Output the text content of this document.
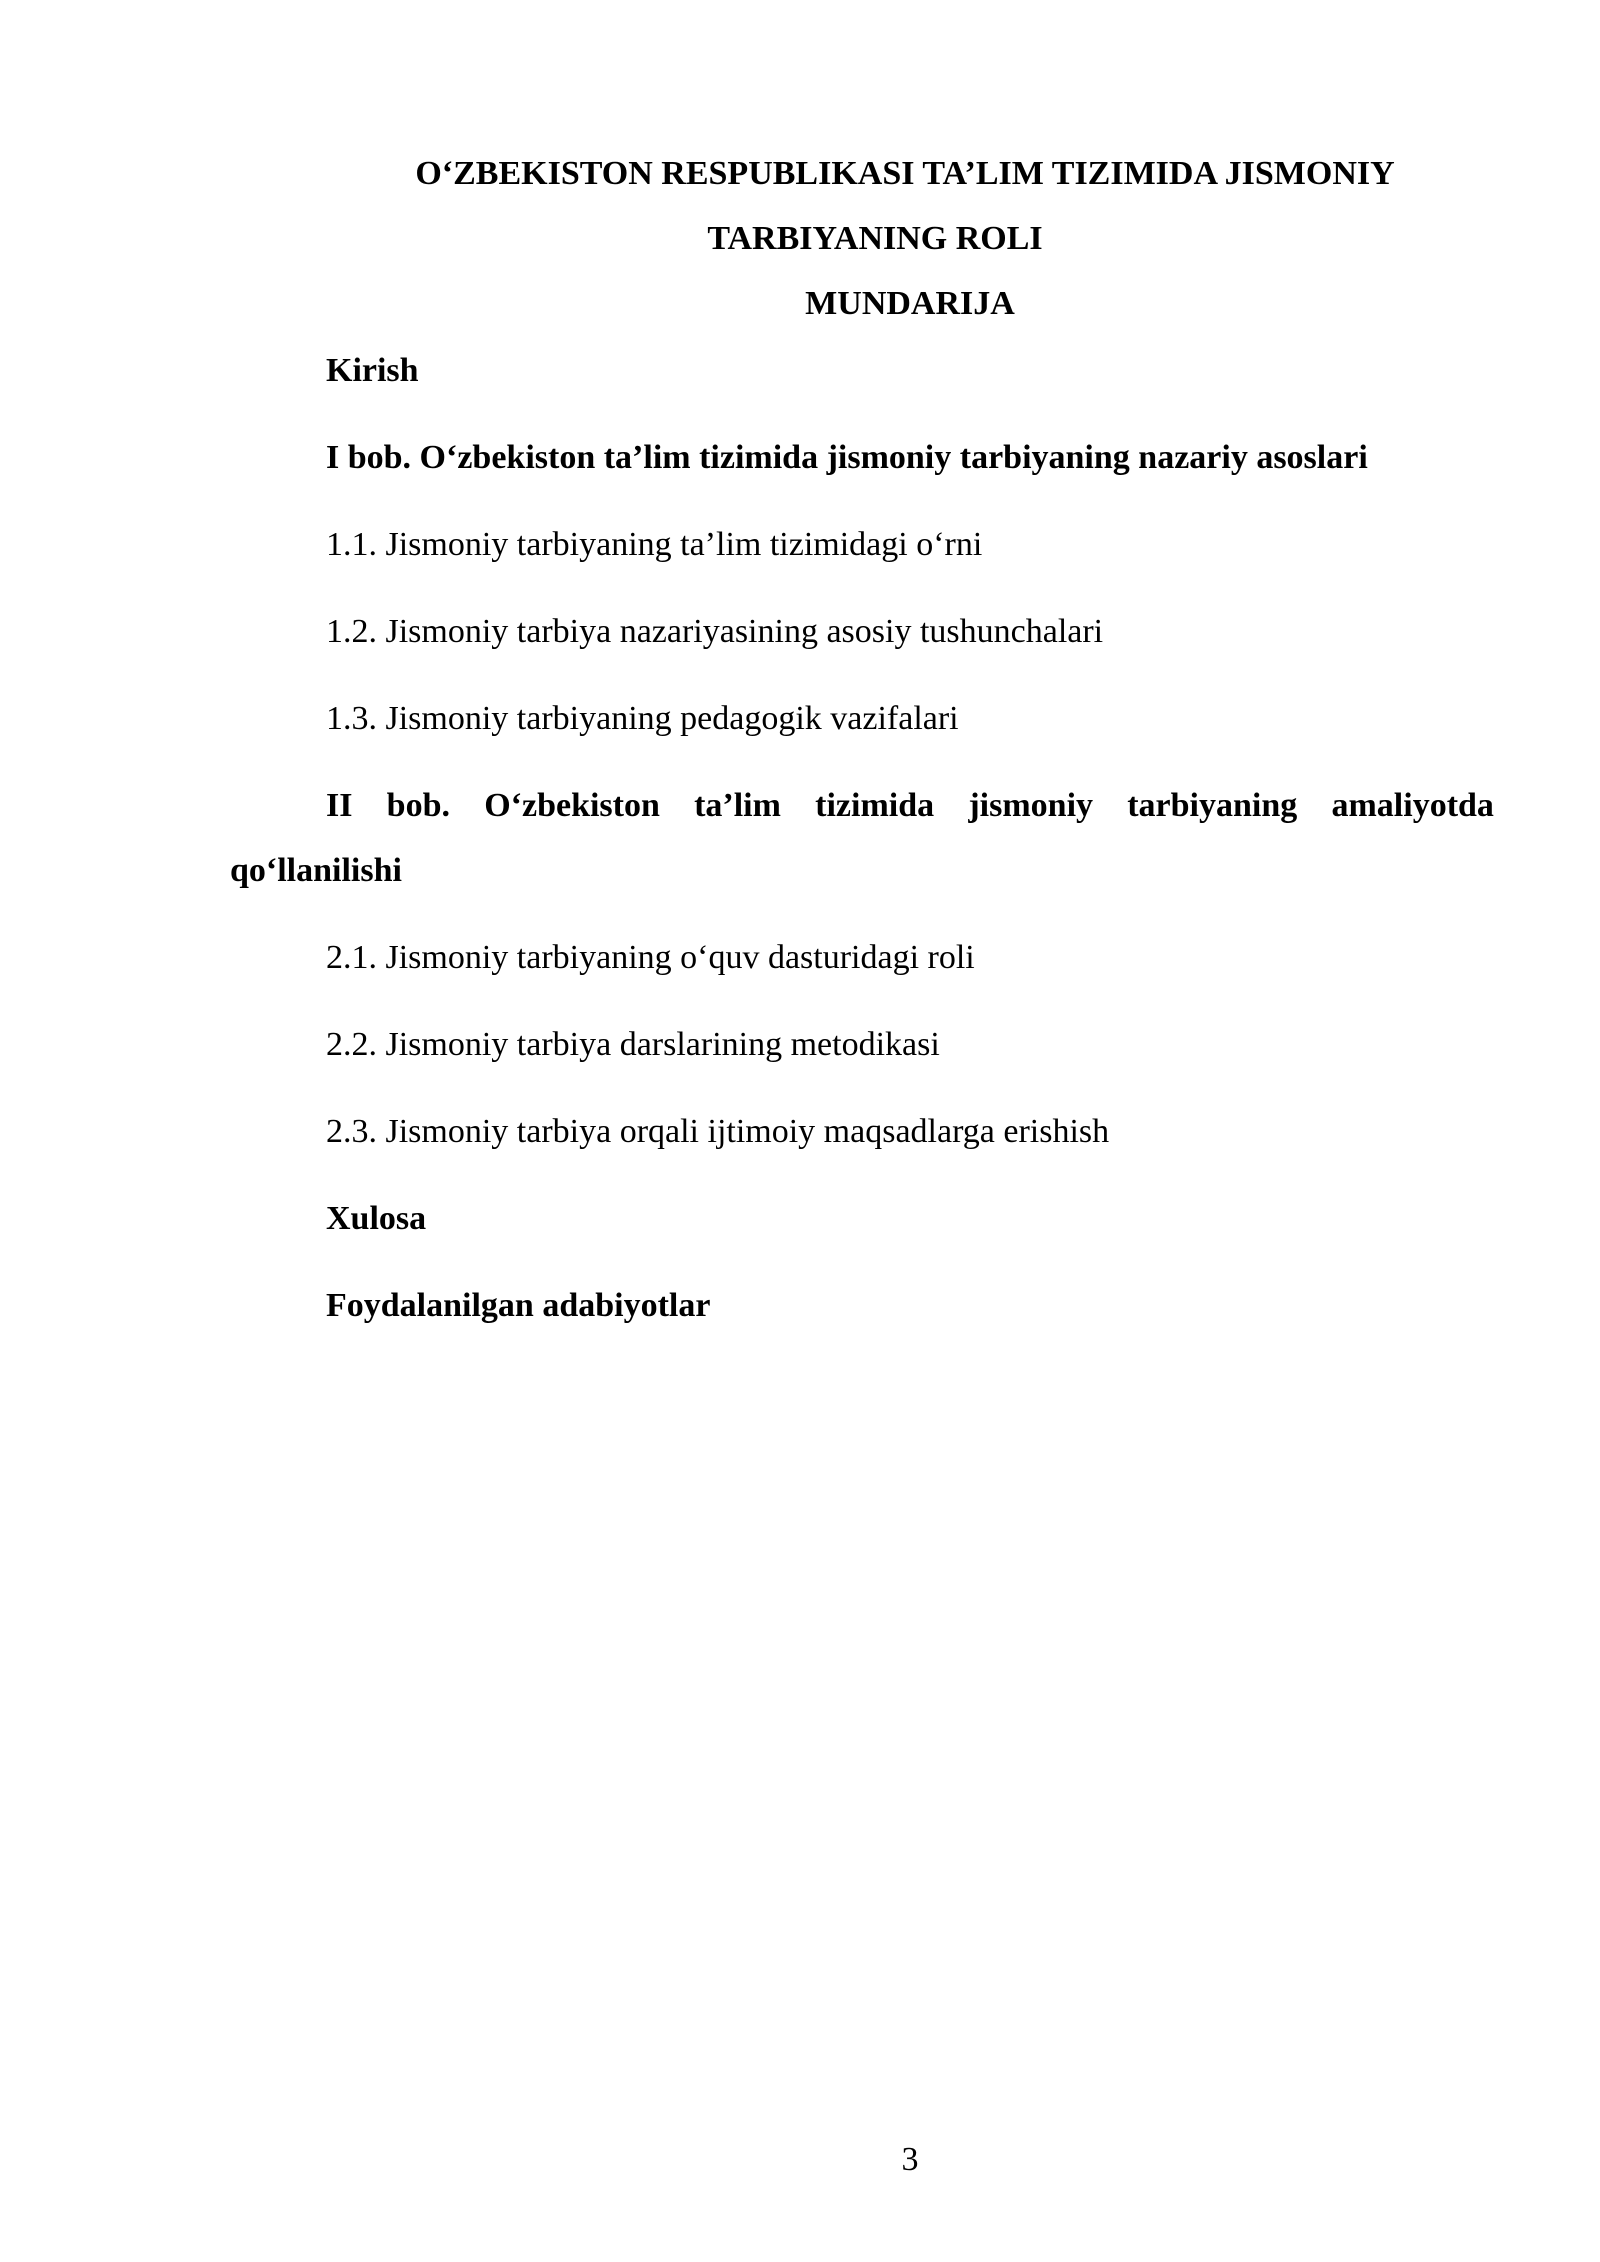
O‘ZBEKISTON RESPUBLIKASI TA’LIM TIZIMIDA JISMONIY
TARBIYANING ROLI
MUNDARIJA
Kirish
I bob. O‘zbekiston ta’lim tizimida jismoniy tarbiyaning nazariy asoslari
1.1. Jismoniy tarbiyaning ta’lim tizimidagi o‘rni
1.2. Jismoniy tarbiya nazariyasining asosiy tushunchalari
1.3. Jismoniy tarbiyaning pedagogik vazifalari
II bob. O‘zbekiston ta’lim tizimida jismoniy tarbiyaning amaliyotda
qo‘llanilishi
2.1. Jismoniy tarbiyaning o‘quv dasturidagi roli
2.2. Jismoniy tarbiya darslarining metodikasi
2.3. Jismoniy tarbiya orqali ijtimoiy maqsadlarga erishish
Xulosa
Foydalanilgan adabiyotlar
3
